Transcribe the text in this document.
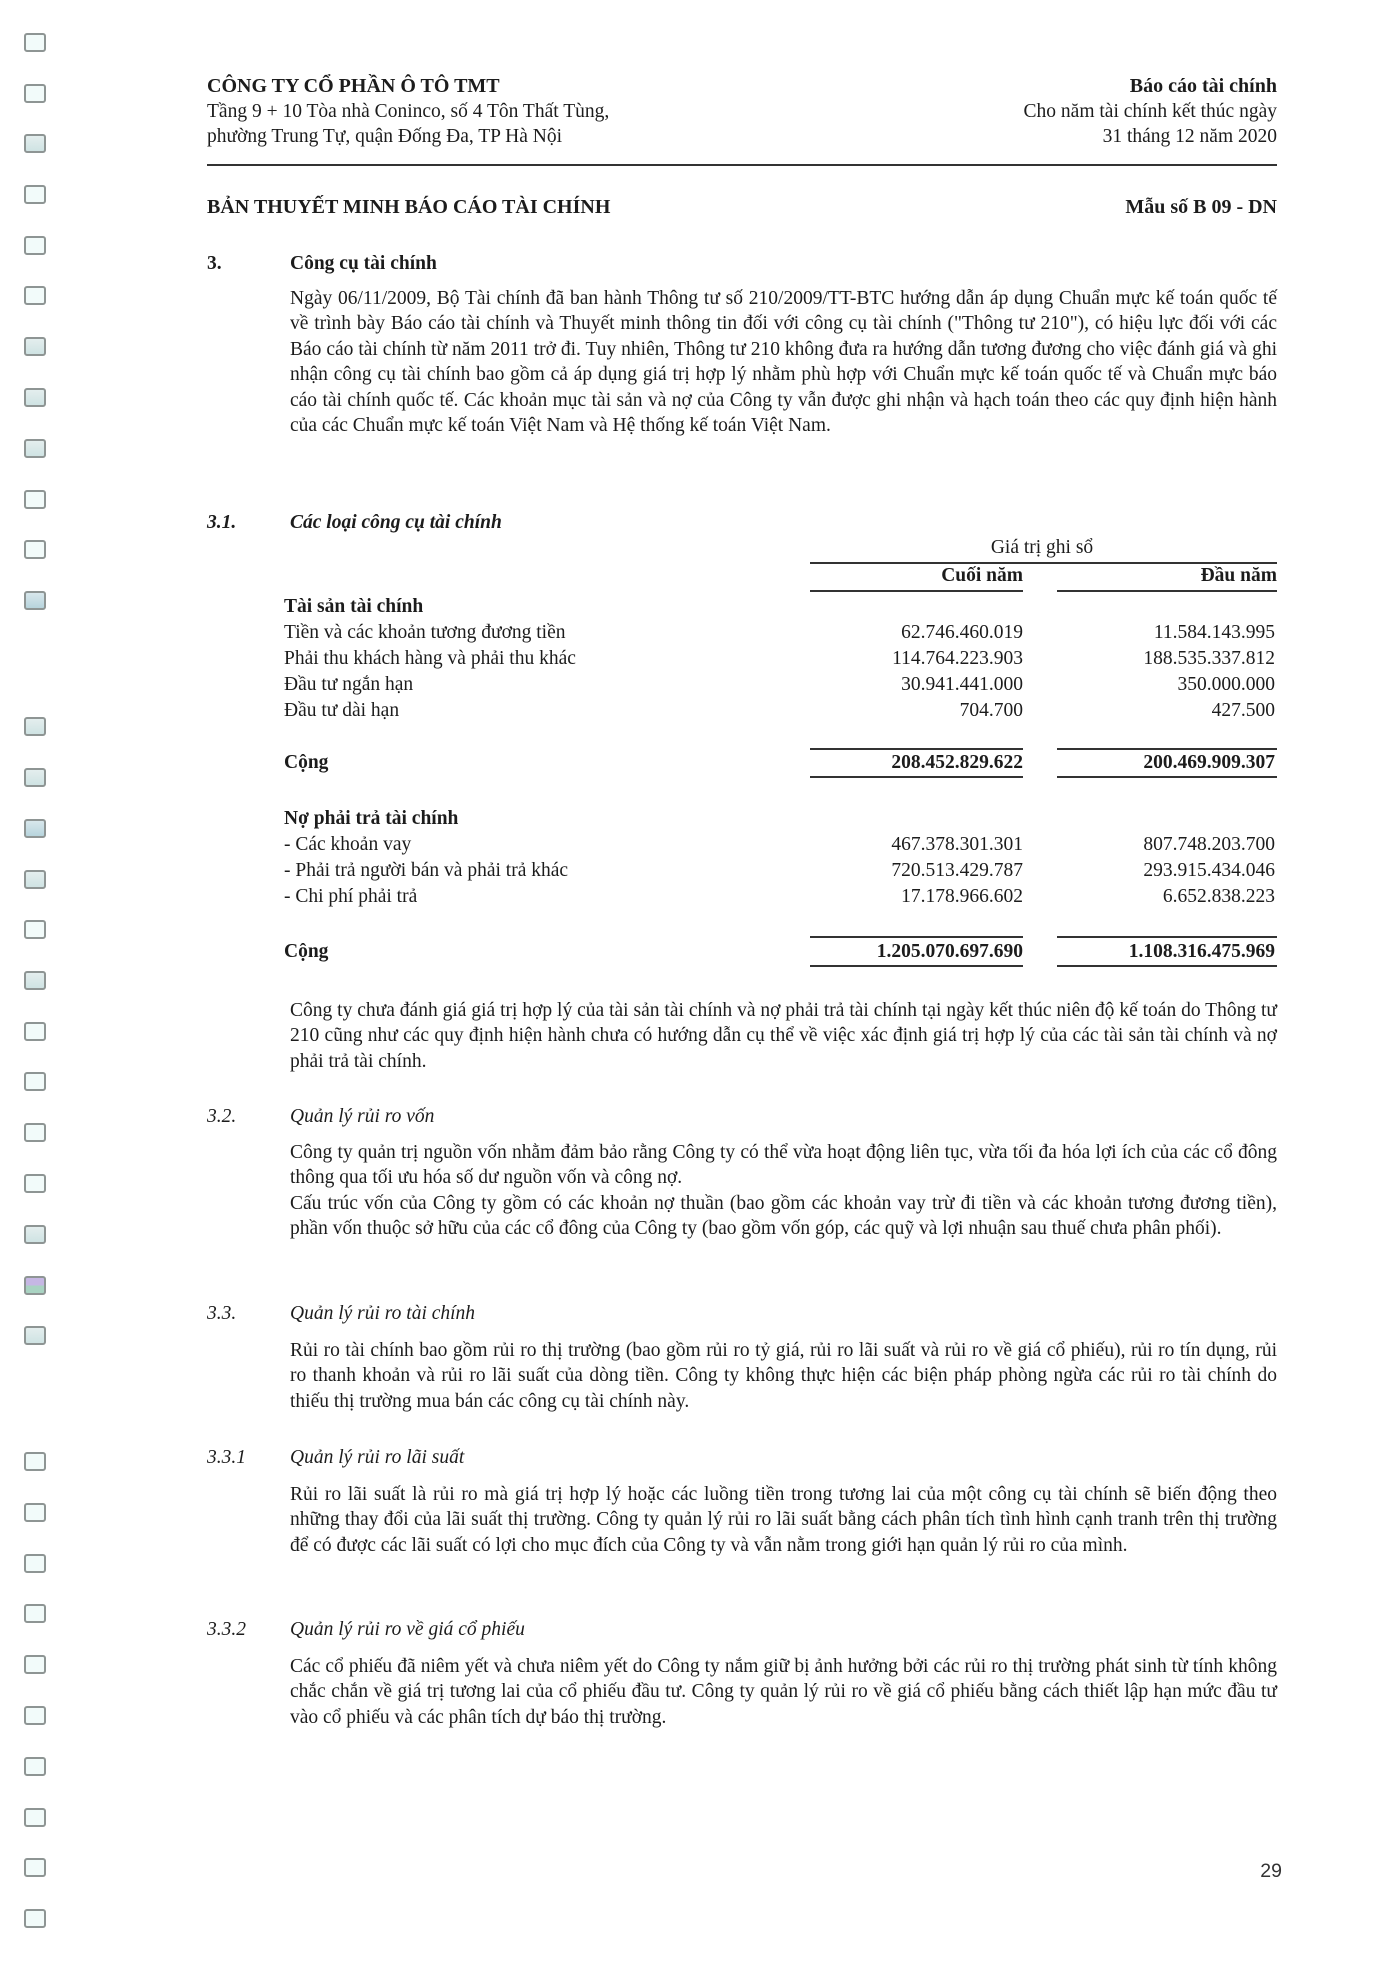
CÔNG TY CỔ PHẦN Ô TÔ TMT
Tầng 9 + 10 Tòa nhà Coninco, số 4 Tôn Thất Tùng,
phường Trung Tự, quận Đống Đa, TP Hà Nội
Báo cáo tài chính
Cho năm tài chính kết thúc ngày
31 tháng 12 năm 2020
BẢN THUYẾT MINH BÁO CÁO TÀI CHÍNH	Mẫu số B 09 - DN
3.	Công cụ tài chính

Ngày 06/11/2009, Bộ Tài chính đã ban hành Thông tư số 210/2009/TT-BTC hướng dẫn áp dụng Chuẩn mực kế toán quốc tế về trình bày Báo cáo tài chính và Thuyết minh thông tin đối với công cụ tài chính ("Thông tư 210"), có hiệu lực đối với các Báo cáo tài chính từ năm 2011 trở đi. Tuy nhiên, Thông tư 210 không đưa ra hướng dẫn tương đương cho việc đánh giá và ghi nhận công cụ tài chính bao gồm cả áp dụng giá trị hợp lý nhằm phù hợp với Chuẩn mực kế toán quốc tế và Chuẩn mực báo cáo tài chính quốc tế. Các khoản mục tài sản và nợ của Công ty vẫn được ghi nhận và hạch toán theo các quy định hiện hành của các Chuẩn mực kế toán Việt Nam và Hệ thống kế toán Việt Nam.

3.1.	Các loại công cụ tài chính
Giá trị ghi sổ
Cuối năm	Đầu năm
Tài sản tài chính
Tiền và các khoản tương đương tiền	62.746.460.019	11.584.143.995
Phải thu khách hàng và phải thu khác	114.764.223.903	188.535.337.812
Đầu tư ngắn hạn	30.941.441.000	350.000.000
Đầu tư dài hạn	704.700	427.500
Cộng	208.452.829.622	200.469.909.307
Nợ phải trả tài chính
- Các khoản vay	467.378.301.301	807.748.203.700
- Phải trả người bán và phải trả khác	720.513.429.787	293.915.434.046
- Chi phí phải trả	17.178.966.602	6.652.838.223
Cộng	1.205.070.697.690	1.108.316.475.969

Công ty chưa đánh giá giá trị hợp lý của tài sản tài chính và nợ phải trả tài chính tại ngày kết thúc niên độ kế toán do Thông tư 210 cũng như các quy định hiện hành chưa có hướng dẫn cụ thể về việc xác định giá trị hợp lý của các tài sản tài chính và nợ phải trả tài chính.

3.2.	Quản lý rủi ro vốn

Công ty quản trị nguồn vốn nhằm đảm bảo rằng Công ty có thể vừa hoạt động liên tục, vừa tối đa hóa lợi ích của các cổ đông thông qua tối ưu hóa số dư nguồn vốn và công nợ.

Cấu trúc vốn của Công ty gồm có các khoản nợ thuần (bao gồm các khoản vay trừ đi tiền và các khoản tương đương tiền), phần vốn thuộc sở hữu của các cổ đông của Công ty (bao gồm vốn góp, các quỹ và lợi nhuận sau thuế chưa phân phối).

3.3.	Quản lý rủi ro tài chính

Rủi ro tài chính bao gồm rủi ro thị trường (bao gồm rủi ro tỷ giá, rủi ro lãi suất và rủi ro về giá cổ phiếu), rủi ro tín dụng, rủi ro thanh khoản và rủi ro lãi suất của dòng tiền. Công ty không thực hiện các biện pháp phòng ngừa các rủi ro tài chính do thiếu thị trường mua bán các công cụ tài chính này.

3.3.1 Quản lý rủi ro lãi suất

Rủi ro lãi suất là rủi ro mà giá trị hợp lý hoặc các luồng tiền trong tương lai của một công cụ tài chính sẽ biến động theo những thay đổi của lãi suất thị trường. Công ty quản lý rủi ro lãi suất bằng cách phân tích tình hình cạnh tranh trên thị trường để có được các lãi suất có lợi cho mục đích của Công ty và vẫn nằm trong giới hạn quản lý rủi ro của mình.

3.3.2 Quản lý rủi ro về giá cổ phiếu

Các cổ phiếu đã niêm yết và chưa niêm yết do Công ty nắm giữ bị ảnh hưởng bởi các rủi ro thị trường phát sinh từ tính không chắc chắn về giá trị tương lai của cổ phiếu đầu tư. Công ty quản lý rủi ro về giá cổ phiếu bằng cách thiết lập hạn mức đầu tư vào cổ phiếu và các phân tích dự báo thị trường.

29
